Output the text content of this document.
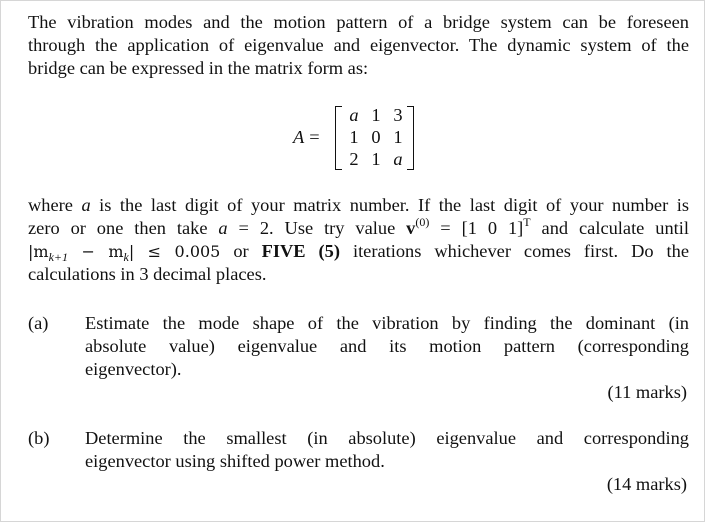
The vibration modes and the motion pattern of a bridge system can be foreseen
through the application of eigenvalue and eigenvector. The dynamic system of the
bridge can be expressed in the matrix form as:

A =
a 1 3
1 0 1
2 1 a

where a is the last digit of your matrix number. If the last digit of your number is
zero or one then take a = 2. Use try value $v^{(0)} = [1$ 0 1]$^T$ and calculate until
$|m_{k+1} - m_k| \le 0.005$ or FIVE (5) iterations whichever comes first. Do the
calculations in 3 decimal places.

(a)	Estimate the mode shape of the vibration by finding the dominant (in
absolute value) eigenvalue and its motion pattern (corresponding
eigenvector).

(11 marks)
(b)	Determine the smallest (in absolute) eigenvalue and corresponding
eigenvector using shifted power method.

(14 marks)
